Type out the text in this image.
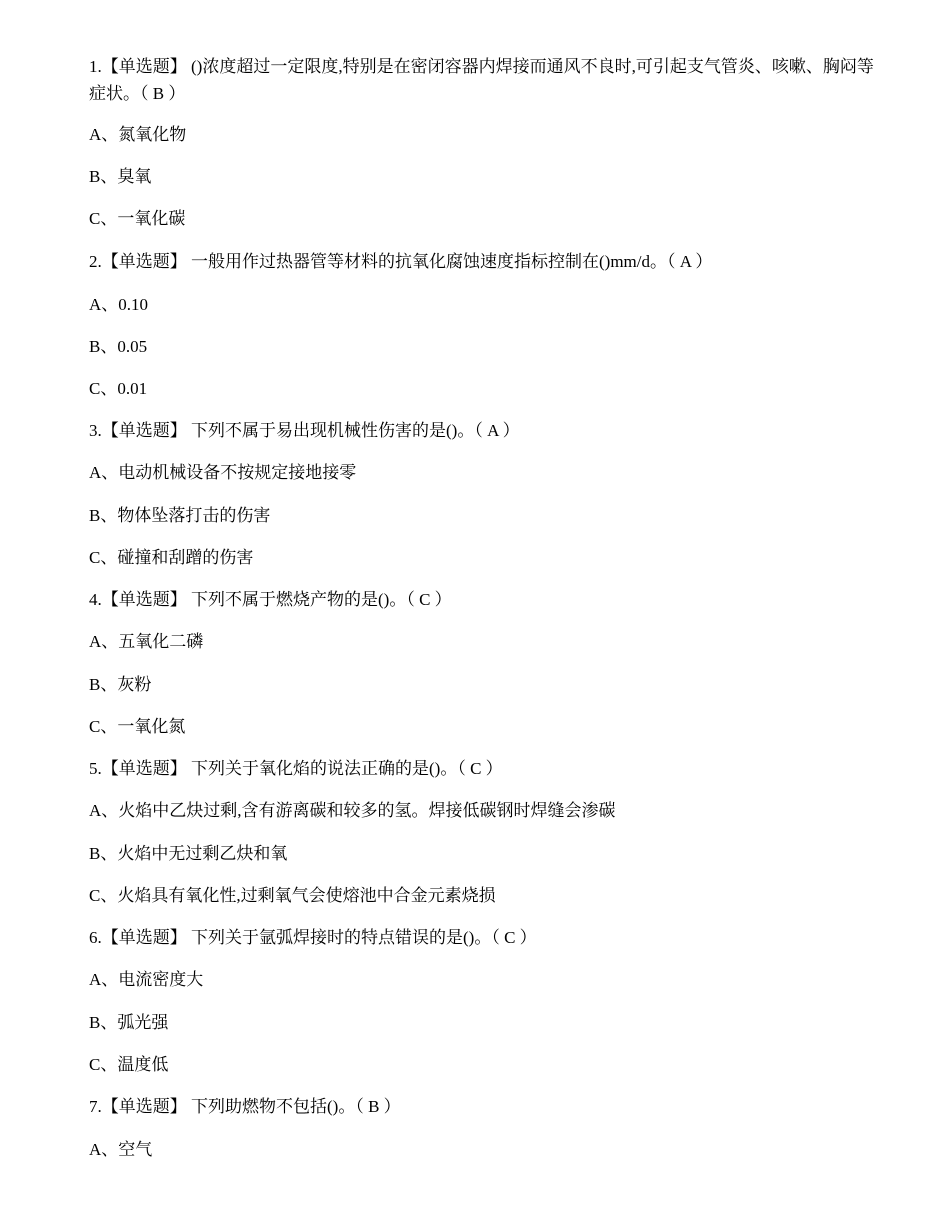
1.【单选题】 ()浓度超过一定限度,特别是在密闭容器内焊接而通风不良时,可引起支气管炎、咳嗽、胸闷等症状。（ B ）
A、氮氧化物
B、臭氧
C、一氧化碳
2.【单选题】 一般用作过热器管等材料的抗氧化腐蚀速度指标控制在()mm/d。（ A ）
A、0.10
B、0.05
C、0.01
3.【单选题】 下列不属于易出现机械性伤害的是()。（ A ）
A、电动机械设备不按规定接地接零
B、物体坠落打击的伤害
C、碰撞和刮蹭的伤害
4.【单选题】 下列不属于燃烧产物的是()。（ C ）
A、五氧化二磷
B、灰粉
C、一氧化氮
5.【单选题】 下列关于氧化焰的说法正确的是()。（ C ）
A、火焰中乙炔过剩,含有游离碳和较多的氢。焊接低碳钢时焊缝会渗碳
B、火焰中无过剩乙炔和氧
C、火焰具有氧化性,过剩氧气会使熔池中合金元素烧损
6.【单选题】 下列关于氩弧焊接时的特点错误的是()。（ C ）
A、电流密度大
B、弧光强
C、温度低
7.【单选题】 下列助燃物不包括()。（ B ）
A、空气
